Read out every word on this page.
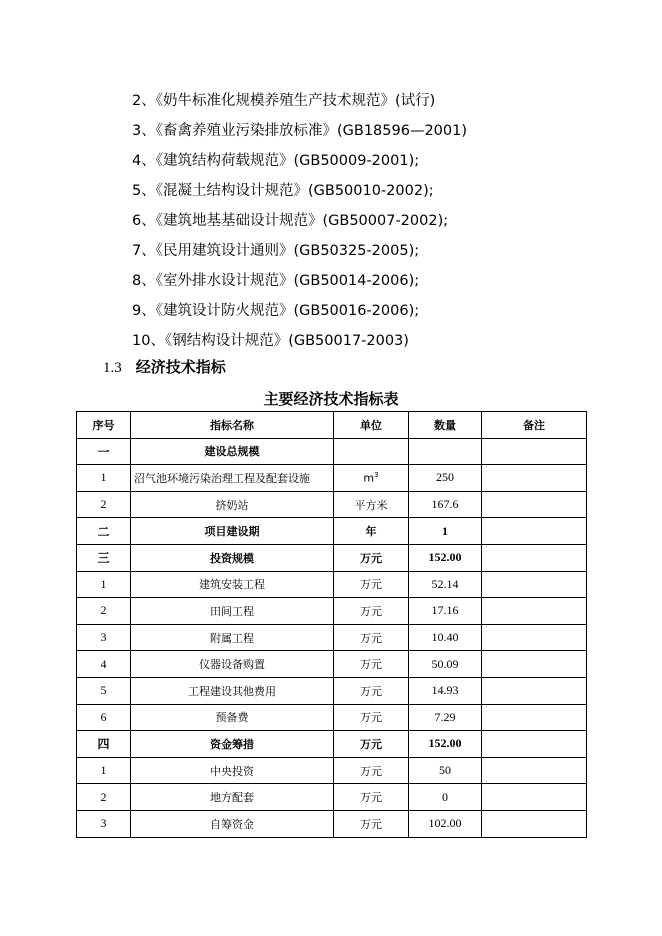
2、《奶牛标准化规模养殖生产技术规范》(试行)
3、《畜禽养殖业污染排放标准》(GB18596—2001)
4、《建筑结构荷载规范》(GB50009-2001);
5、《混凝土结构设计规范》(GB50010-2002);
6、《建筑地基基础设计规范》(GB50007-2002);
7、《民用建筑设计通则》(GB50325-2005);
8、《室外排水设计规范》(GB50014-2006);
9、《建筑设计防火规范》(GB50016-2006);
10、《钢结构设计规范》(GB50017-2003)
1.3 经济技术指标
主要经济技术指标表
序号	指标名称	单位	数量	备注
一	建设总规模			
1	沼气池环境污染治理工程及配套设施	$m^3$	250	
2	挤奶站	平方米	167.6	
二	项目建设期	年	1	
三	投资规模	万元	152.00	
1	建筑安装工程	万元	52.14	
2	田间工程	万元	17.16	
3	附属工程	万元	10.40	
4	仪器设备购置	万元	50.09	
5	工程建设其他费用	万元	14.93	
6	预备费	万元	7.29	
四	资金筹措	万元	152.00	
1	中央投资	万元	50	
2	地方配套	万元	0	
3	自筹资金	万元	102.00	
